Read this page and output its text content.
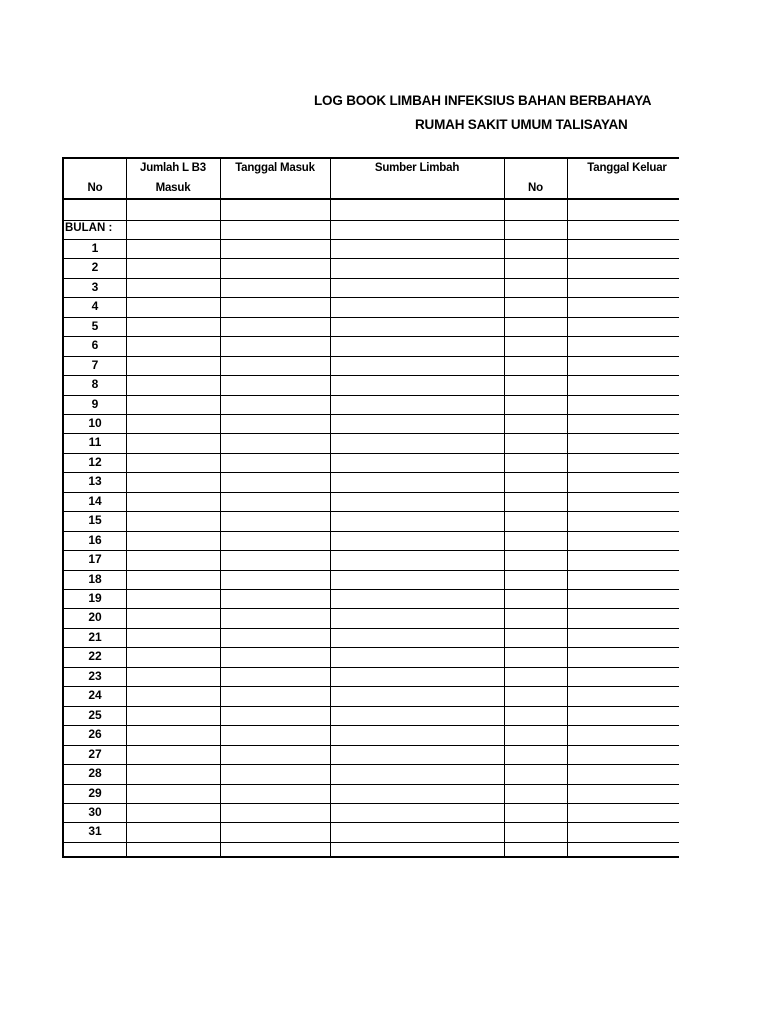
LOG BOOK LIMBAH INFEKSIUS BAHAN BERBAHAYA
RUMAH SAKIT UMUM TALISAYAN
No
Jumlah L B3
Masuk
Tanggal Masuk	Sumber Limbah
No
Tanggal Keluar
BULAN :
1
2
3
4
5
6
7
8
9
10
11
12
13
14
15
16
17
18
19
20
21
22
23
24
25
26
27
28
29
30
31
